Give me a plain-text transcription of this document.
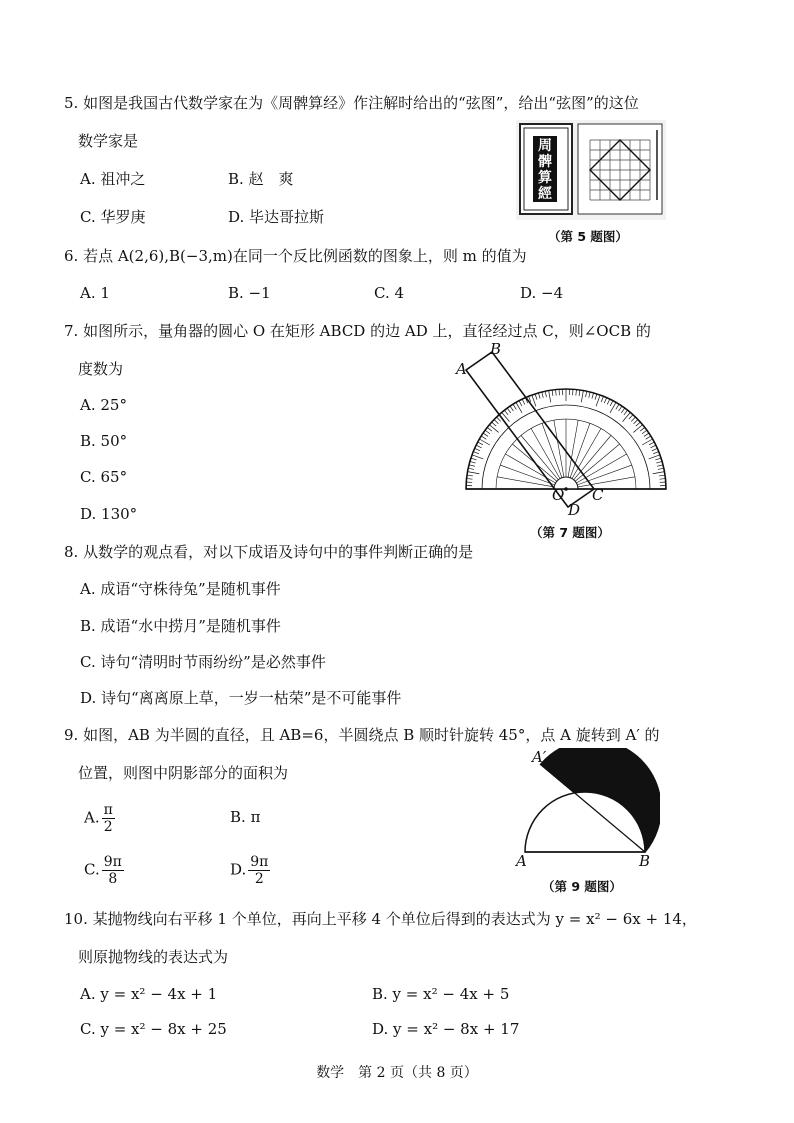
5. 如图是我国古代数学家在为《周髀算经》作注解时给出的“弦图”，给出“弦图”的这位
数学家是
A. 祖冲之	B. 赵　爽
C. 华罗庚	D. 毕达哥拉斯
周髀算經
（第 5 题图）
6. 若点 A(2,6),B(−3,m)在同一个反比例函数的图象上，则 m 的值为
A. 1	B. −1	C. 4	D. −4
7. 如图所示，量角器的圆心 O 在矩形 ABCD 的边 AD 上，直径经过点 C，则∠OCB 的
度数为
A. 25°
B. 50°
C. 65°
D. 130°
A
B
O C
D
（第 7 题图）
8. 从数学的观点看，对以下成语及诗句中的事件判断正确的是
A. 成语“守株待兔”是随机事件
B. 成语“水中捞月”是随机事件
C. 诗句“清明时节雨纷纷”是必然事件
D. 诗句“离离原上草，一岁一枯荣”是不可能事件
9. 如图，AB 为半圆的直径，且 AB=6，半圆绕点 B 顺时针旋转 45°，点 A 旋转到 A′ 的
位置，则图中阴影部分的面积为
A. $\frac{\pi}{2}$	B. π
C. $\frac{9\pi}{8}$	D. $\frac{9\pi}{2}$
A′
A	B
（第 9 题图）
10. 某抛物线向右平移 1 个单位，再向上平移 4 个单位后得到的表达式为 y = x² − 6x + 14，
则原抛物线的表达式为
A. y = x² − 4x + 1	B. y = x² − 4x + 5
C. y = x² − 8x + 25	D. y = x² − 8x + 17
数学　第 2 页（共 8 页）
